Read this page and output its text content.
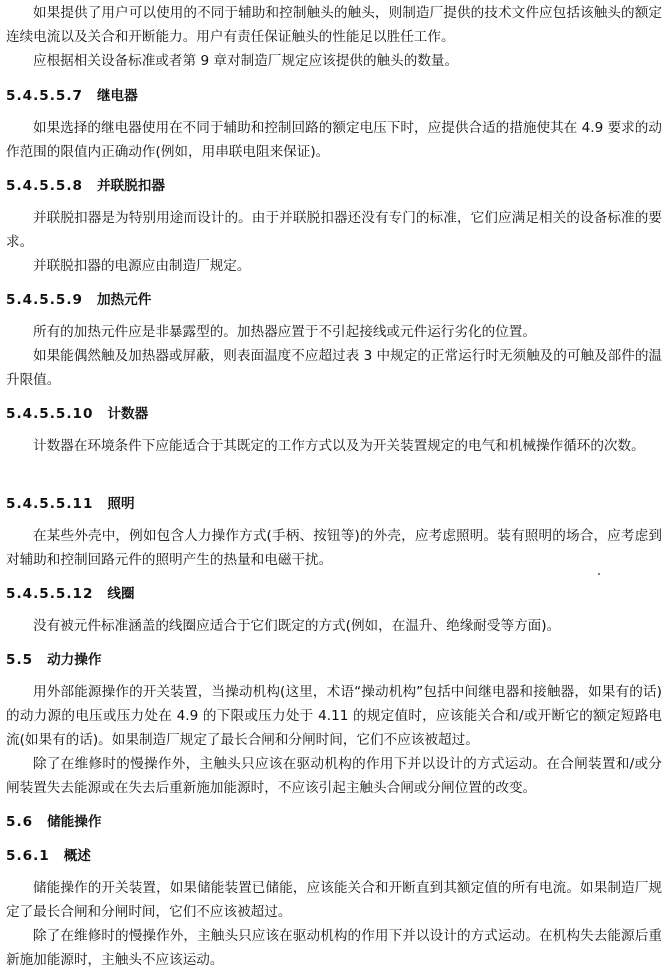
如果提供了用户可以使用的不同于辅助和控制触头的触头，则制造厂提供的技术文件应包括该触头的额定连续电流以及关合和开断能力。用户有责任保证触头的性能足以胜任工作。
应根据相关设备标准或者第 9 章对制造厂规定应该提供的触头的数量。
5.4.5.5.7 继电器
如果选择的继电器使用在不同于辅助和控制回路的额定电压下时，应提供合适的措施使其在 4.9 要求的动作范围的限值内正确动作(例如，用串联电阻来保证)。
5.4.5.5.8 并联脱扣器
并联脱扣器是为特别用途而设计的。由于并联脱扣器还没有专门的标准，它们应满足相关的设备标准的要求。
并联脱扣器的电源应由制造厂规定。
5.4.5.5.9 加热元件
所有的加热元件应是非暴露型的。加热器应置于不引起接线或元件运行劣化的位置。
如果能偶然触及加热器或屏蔽，则表面温度不应超过表 3 中规定的正常运行时无须触及的可触及部件的温升限值。
5.4.5.5.10 计数器
计数器在环境条件下应能适合于其既定的工作方式以及为开关装置规定的电气和机械操作循环的次数。
5.4.5.5.11 照明
在某些外壳中，例如包含人力操作方式(手柄、按钮等)的外壳，应考虑照明。装有照明的场合，应考虑到对辅助和控制回路元件的照明产生的热量和电磁干扰。
5.4.5.5.12 线圈
没有被元件标准涵盖的线圈应适合于它们既定的方式(例如，在温升、绝缘耐受等方面)。
5.5 动力操作
用外部能源操作的开关装置，当操动机构(这里，术语“操动机构”包括中间继电器和接触器，如果有的话)的动力源的电压或压力处在 4.9 的下限或压力处于 4.11 的规定值时，应该能关合和/或开断它的额定短路电流(如果有的话)。如果制造厂规定了最长合闸和分闸时间，它们不应该被超过。
除了在维修时的慢操作外，主触头只应该在驱动机构的作用下并以设计的方式运动。在合闸装置和/或分闸装置失去能源或在失去后重新施加能源时，不应该引起主触头合闸或分闸位置的改变。
5.6 储能操作
5.6.1 概述
储能操作的开关装置，如果储能装置已储能，应该能关合和开断直到其额定值的所有电流。如果制造厂规定了最长合闸和分闸时间，它们不应该被超过。
除了在维修时的慢操作外，主触头只应该在驱动机构的作用下并以设计的方式运动。在机构失去能源后重新施加能源时，主触头不应该运动。
